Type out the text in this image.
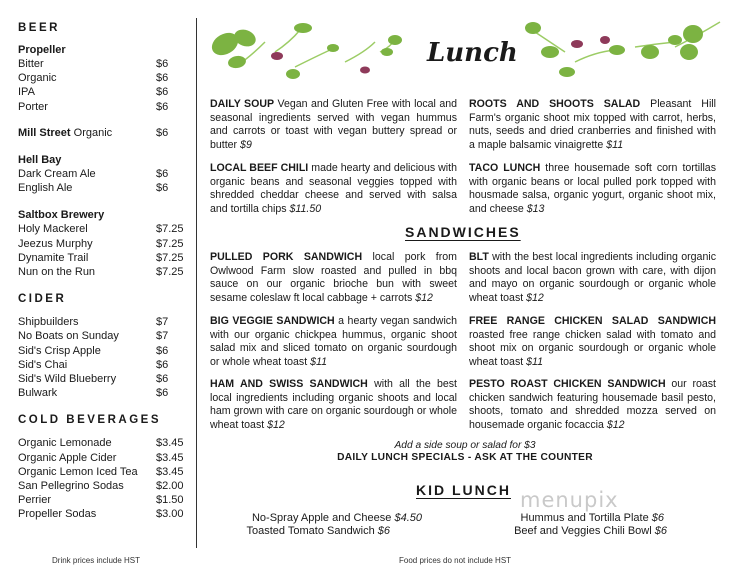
BEER
Propeller
Bitter	$6
Organic	$6
IPA	$6
Porter	$6
Mill Street Organic	$6
Hell Bay
Dark Cream Ale	$6
English Ale	$6
Saltbox Brewery
Holy Mackerel	$7.25
Jeezus Murphy	$7.25
Dynamite Trail	$7.25
Nun on the Run	$7.25
CIDER
Shipbuilders	$7
No Boats on Sunday	$7
Sid's Crisp Apple	$6
Sid's Chai	$6
Sid's Wild Blueberry	$6
Bulwark	$6
COLD BEVERAGES
Organic Lemonade	$3.45
Organic Apple Cider	$3.45
Organic Lemon Iced Tea	$3.45
San Pellegrino Sodas	$2.00
Perrier	$1.50
Propeller Sodas	$3.00
Lunch
DAILY SOUP Vegan and Gluten Free with local and seasonal ingredients served with vegan hummus and carrots or toast with vegan buttery spread or butter $9
ROOTS AND SHOOTS SALAD Pleasant Hill Farm's organic shoot mix topped with carrot, herbs, nuts, seeds and dried cranberries and finished with a maple balsamic vinaigrette $11
LOCAL BEEF CHILI made hearty and delicious with organic beans and seasonal veggies topped with shredded cheddar cheese and served with salsa and tortilla chips $11.50
TACO LUNCH three housemade soft corn tortillas with organic beans or local pulled pork topped with housmade salsa, organic yogurt, organic shoot mix, and cheese $13
SANDWICHES
PULLED PORK SANDWICH local pork from Owlwood Farm slow roasted and pulled in bbq sauce on our organic brioche bun with sweet sesame coleslaw ft local cabbage + carrots $12
BLT with the best local ingredients including organic shoots and local bacon grown with care, with dijon and mayo on organic sourdough or organic whole wheat toast $12
BIG VEGGIE SANDWICH a hearty vegan sandwich with our organic chickpea hummus, organic shoot salad mix and sliced tomato on organic sourdough or whole wheat toast $11
FREE RANGE CHICKEN SALAD SANDWICH roasted free range chicken salad with tomato and shoot mix on organic sourdough or organic whole wheat toast $11
HAM AND SWISS SANDWICH with all the best local ingredients including organic shoots and local ham grown with care on organic sourdough or whole wheat toast $12
PESTO ROAST CHICKEN SANDWICH our roast chicken sandwich featuring housemade basil pesto, shoots, tomato and shredded mozza served on housemade organic focaccia $12
Add a side soup or salad for $3
DAILY LUNCH SPECIALS - ASK AT THE COUNTER
KID LUNCH menupix
No-Spray Apple and Cheese $4.50
Toasted Tomato Sandwich $6
Hummus and Tortilla Plate $6
Beef and Veggies Chili Bowl $6
Drink prices include HST	Food prices do not include HST
